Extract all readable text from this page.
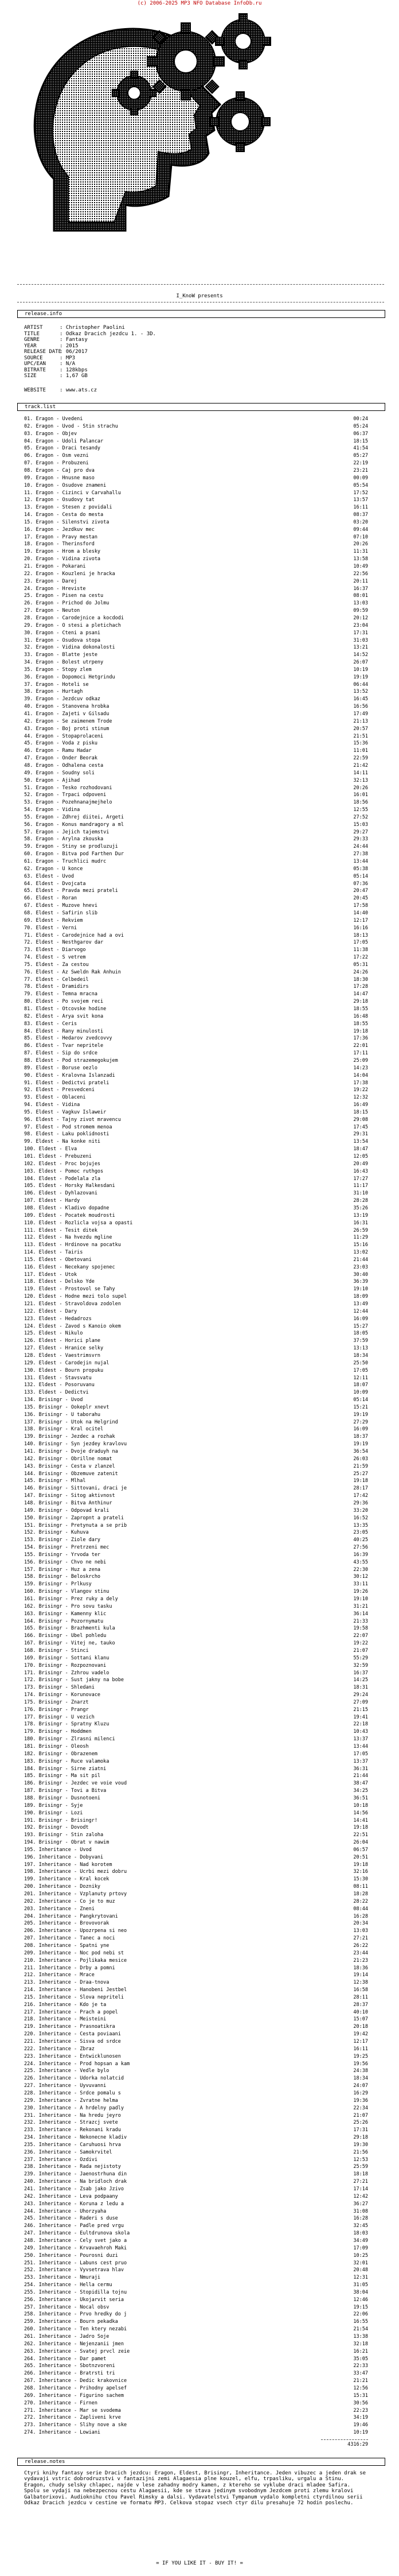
(c) 2006-2025 MP3 NFO Database InfoDb.ru
I_KnoW presents
release.info
ARTIST	: Christopher Paolini
TITLE	: Odkaz Dracich jezdcu 1. - 3D.
GENRE	: Fantasy
YEAR	: 2015
RELEASE DATE: 06/2017
SOURCE	: MP3
UPC/EAN	: N/A
BITRATE	: 128kbps
SIZE	: 1,67 GB
WEBSITE	: www.ats.cz
track.list
01. Eragon - Uvedeni	00:24
02. Eragon - Uvod - Stin strachu	05:24
03. Eragon - Objev	06:37
04. Eragon - Udoli Palancar	18:15
05. Eragon - Draci tesandy	41:54
06. Eragon - Osm vezni	05:27
07. Eragon - Probuzeni	22:19
08. Eragon - Caj pro dva	23:21
09. Eragon - Hnusne maso	00:09
10. Eragon - Osudove znameni	05:54
11. Eragon - Cizinci v Carvahallu	17:52
12. Eragon - Osudovy tat	13:57
13. Eragon - Stesen z povidali	16:11
14. Eragon - Cesta do mesta	08:37
15. Eragon - Silenstvi zivota	03:20
16. Eragon - Jezdkuv mec	09:44
17. Eragon - Pravy mestan	07:10
18. Eragon - Therinsford	20:26
19. Eragon - Hrom a blesky	11:31
20. Eragon - Vidina zivota	13:58
21. Eragon - Pokarani	10:49
22. Eragon - Kouzleni je hracka	22:56
23. Eragon - Darej	20:11
24. Eragon - Hreviste	16:37
25. Eragon - Pisen na cestu	08:01
26. Eragon - Prichod do Jolmu	13:03
27. Eragon - Neuton	09:59
28. Eragon - Carodejnice a kocdodi	20:12
29. Eragon - O stesi a pletichach	23:04
30. Eragon - Cteni a psani	17:31
31. Eragon - Osudova stopa	31:03
32. Eragon - Vidina dokonalosti	13:21
33. Eragon - Blatte jeste	14:52
34. Eragon - Bolest utrpeny	26:07
35. Eragon - Stopy zlem	10:19
36. Eragon - Dopomoci Hetgrindu	19:19
37. Eragon - Hoteli se	06:44
38. Eragon - Hurtagh	13:52
39. Eragon - Jezdcuv odkaz	16:45
40. Eragon - Stanovena hrobka	16:56
41. Eragon - Zajeti v Gilsadu	17:49
42. Eragon - Se zaimenem Trode	21:13
43. Eragon - Boj proti stinum	20:57
44. Eragon - Stopaprolaceni	21:51
45. Eragon - Voda z pisku	15:36
46. Eragon - Ramu Hadar	11:01
47. Eragon - Onder Beorak	22:59
48. Eragon - Odhalena cesta	21:42
49. Eragon - Soudny soli	14:11
50. Eragon - Ajihad	32:13
51. Eragon - Tesko rozhodovani	20:26
52. Eragon - Trpaci odpoveni	16:01
53. Eragon - Pozehnanajmejhelo	18:56
54. Eragon - Vidina	12:55
55. Eragon - Zdhrej diitei, Argeti	27:52
56. Eragon - Konus mandragory a ml	15:03
57. Eragon - Jejich tajemstvi	29:27
58. Eragon - Arylna zkouska	29:33
59. Eragon - Stiny se prodluzuji	24:44
60. Eragon - Bitva pod Farthen Dur	27:38
61. Eragon - Truchlici mudrc	13:44
62. Eragon - U konce	05:38
63. Eldest - Uvod	05:14
64. Eldest - Dvojcata	07:36
65. Eldest - Pravda mezi prateli	20:47
66. Eldest - Roran	20:45
67. Eldest - Muzove hnevi	17:58
68. Eldest - Safirin slib	14:40
69. Eldest - Rekviem	12:17
70. Eldest - Verni	16:16
71. Eldest - Carodejnice had a ovi	18:13
72. Eldest - Nesthgarov dar	17:05
73. Eldest - Diarvogo	11:38
74. Eldest - S vetrem	17:22
75. Eldest - Za cestou	05:31
76. Eldest - Az Sweldn Rak Anhuin	24:26
77. Eldest - Celbedeil	18:30
78. Eldest - Dramidirs	17:28
79. Eldest - Temna mracna	14:47
80. Eldest - Po svojem reci	29:18
81. Eldest - Otcovske hodine	18:55
82. Eldest - Arya svit kona	16:48
83. Eldest - Ceris	18:55
84. Eldest - Rany minulosti	19:18
85. Eldest - Hedarov zvedcovvy	17:36
86. Eldest - Tvar nepritele	22:01
87. Eldest - Sip do srdce	17:11
88. Eldest - Pod strazemegokujem	25:09
89. Eldest - Boruse oezlo	14:23
90. Eldest - Kralovna Islanzadi	14:04
91. Eldest - Dedictvi prateli	17:38
92. Eldest - Presvedceni	19:22
93. Eldest - Oblaceni	12:32
94. Eldest - Vidina	16:49
95. Eldest - Vagkuv Islaweir	18:15
96. Eldest - Tajny zivot mravencu	29:08
97. Eldest - Pod stromem menoa	17:45
98. Eldest - Laku poklidnosti	29:31
99. Eldest - Na konke niti	13:54
100. Eldest - Elva	18:47
101. Eldest - Prebuzeni	12:05
102. Eldest - Proc bojujes	20:49
103. Eldest - Pomoc ruthgos	16:43
104. Eldest - Podelala zla	17:27
105. Eldest - Horsky Halkesdani	11:17
106. Eldest - Dyhlazovani	31:10
107. Eldest - Hardy	28:28
108. Eldest - Kladivo dopadne	35:26
109. Eldest - Pocatek moudrosti	13:19
110. Eldest - Rozlicla vojsa a opasti	16:31
111. Eldest - Tesit ditek	26:59
112. Eldest - Na hvezdu mgline	11:29
113. Eldest - Hrdinove na pocatku	15:16
114. Eldest - Tairis	13:02
115. Eldest - Obetovani	21:44
116. Eldest - Necekany spojenec	23:03
117. Eldest - Utok	30:40
118. Eldest - Delsko Yde	36:39
119. Eldest - Prostovol se Tahy	19:10
120. Eldest - Hodne mezi tolo supel	18:09
121. Eldest - Stravoldova zodolen	13:49
122. Eldest - Dary	12:44
123. Eldest - Hedadrozs	16:09
124. Eldest - Zavod s Kanoio okem	15:27
125. Eldest - Nikulo	18:05
126. Eldest - Horici plane	37:59
127. Eldest - Hranice selky	13:13
128. Eldest - Vaestrimsvrn	18:34
129. Eldest - Carodejin nujal	25:50
130. Eldest - Bourn propuku	17:05
131. Eldest - Stavsvatu	12:11
132. Eldest - Posoruvanu	18:07
133. Eldest - Dedictvi	10:09
134. Brisingr - Uvod	05:14
135. Brisingr - Ookeplr xnevt	15:21
136. Brisingr - U taborahu	19:19
137. Brisingr - Utok na Helgrind	27:29
138. Brisingr - Kral ocitel	16:09
139. Brisingr - Jezdec a rozhak	18:37
140. Brisingr - Syn jezdey kravlovu	19:19
141. Brisingr - Dvoje draduyh na	36:54
142. Brisingr - Obrillne nomat	26:03
143. Brisingr - Cesta v zlanzel	21:59
144. Brisingr - Obzemuve zatenit	25:27
145. Brisingr - Mlhal	19:18
146. Brisingr - Sittovani, draci je	28:17
147. Brisingr - Sitog aktivnost	17:42
148. Brisingr - Bitva Anthinur	29:36
149. Brisingr - Odpovad krali	33:20
150. Brisingr - Zapropnt a prateli	16:52
151. Brisingr - Pretynuta a se prib	13:35
152. Brisingr - Kuhuva	23:05
153. Brisingr - Ziole dary	40:25
154. Brisingr - Pretrzeni mec	27:56
155. Brisingr - Yrvoda ter	16:39
156. Brisingr - Chvo ne nebi	43:55
157. Brisingr - Huz a zena	22:30
158. Brisingr - Beloskrcho	30:12
159. Brisingr - Prlkusy	33:11
160. Brisingr - Vlangov stinu	19:26
161. Brisingr - Prez ruky a dely	19:10
162. Brisingr - Pro sovu tasku	31:21
163. Brisingr - Kamenny klic	36:14
164. Brisingr - Pozornymatu	21:33
165. Brisingr - Brazhmenti kula	19:58
166. Brisingr - Ubel pohledu	22:07
167. Brisingr - Vitej ne, tauko	19:22
168. Brisingr - Stinci	21:07
169. Brisingr - Sottani klanu	55:29
170. Brisingr - Rozpoznovani	32:59
171. Brisingr - Zzhrou vadelo	16:37
172. Brisingr - Sust jakny na bobe	14:25
173. Brisingr - Shledani	18:31
174. Brisingr - Korunovace	29:24
175. Brisingr - Znarzt	27:09
176. Brisingr - Prangr	21:15
177. Brisingr - U vezich	19:41
178. Brisingr - Spratny Kluzu	22:18
179. Brisingr - Hoddmen	10:43
180. Brisingr - Zlrasni milenci	13:37
181. Brisingr - Oleosh	13:44
182. Brisingr - Obrazenem	17:05
183. Brisingr - Ruce valamoka	13:37
184. Brisingr - Sirne ziatni	36:31
185. Brisingr - Ma sit pil	21:44
186. Brisingr - Jezdec ve voie voud	38:47
187. Brisingr - Tovi a Bitva	34:25
188. Brisingr - Dusnotoeni	36:51
189. Brisingr - Syje	10:18
190. Brisingr - Lozi	14:56
191. Brisingr - Brisingr!	14:41
192. Brisingr - Dovodt	19:18
193. Brisingr - Stin zaloha	22:51
194. Brisingr - Obrat v nawim	26:04
195. Inheritance - Uvod	06:57
196. Inheritance - Dobyvani	20:51
197. Inheritance - Nad korotem	19:18
198. Inheritance - Ucrbi mezi dobru	32:16
199. Inheritance - Kral kocek	15:30
200. Inheritance - Dozniky	08:11
201. Inheritance - Vzplanuty prtovy	18:28
202. Inheritance - Co je to muz	28:22
203. Inheritance - Zneni	08:44
204. Inheritance - Pangkrytovani	16:28
205. Inheritance - Brovovorak	20:34
206. Inheritance - Upozrpena si neo	13:03
207. Inheritance - Tanec a noci	27:21
208. Inheritance - Spatni yne	26:22
209. Inheritance - Noc pod nebi st	23:44
210. Inheritance - Pojlikaka mesice	21:23
211. Inheritance - Drby a pomni	18:36
212. Inheritance - Mrace	19:14
213. Inheritance - Draa-tnova	12:38
214. Inheritance - Hanobeni Jestbel	16:58
215. Inheritance - Slova nepriteli	28:11
216. Inheritance - Kdo je ta	28:37
217. Inheritance - Prach a popel	40:10
218. Inheritance - Meisteini	15:07
219. Inheritance - Prasnoatikra	20:18
220. Inheritance - Cesta poviaani	19:42
221. Inheritance - Sisva od srdce	12:17
222. Inheritance - Zbraz	16:11
223. Inheritance - Entwicklunosen	19:25
224. Inheritance - Prod hopsan a kam	19:56
225. Inheritance - Vedle bylo	24:38
226. Inheritance - Udorka nolatcid	18:34
227. Inheritance - Uyvuvanni	24:07
228. Inheritance - Srdce pomalu s	16:29
229. Inheritance - Zvratne helma	19:36
230. Inheritance - A hrdelny padly	22:34
231. Inheritance - Na hredu jeyro	21:07
232. Inheritance - Strazcj svete	25:26
233. Inheritance - Rekonani kradu	17:31
234. Inheritance - Nekonecne kladiv	29:18
235. Inheritance - Caruhuosi hrva	19:30
236. Inheritance - Samokrvitel	21:56
237. Inheritance - Ozdivi	12:53
238. Inheritance - Rada nejistoty	25:59
239. Inheritance - Jaenostrhuna din	18:18
240. Inheritance - Na bridloch drak	27:21
241. Inheritance - Zsab jako Jzivo	17:14
242. Inheritance - Leva podpaany	12:42
243. Inheritance - Koruna z ledu a	36:27
244. Inheritance - Uhorzyaha	31:08
245. Inheritance - Raderi s duse	16:28
246. Inheritance - Padle pred vrgu	32:45
247. Inheritance - Eultdrunova skola	18:03
248. Inheritance - Cely svet jako a	34:49
249. Inheritance - Krvavaehroh Maki	17:09
250. Inheritance - Pourosni duzi	10:25
251. Inheritance - Labuns cest pruo	32:01
252. Inheritance - Vyvsetrava hlav	20:48
253. Inheritance - Nmuraji	12:31
254. Inheritance - Hella cermu	31:05
255. Inheritance - Stopidilla tojnu	38:04
256. Inheritance - Ukojarvit seria	12:46
257. Inheritance - Nocal obsv	19:15
258. Inheritance - Prvo hredky do j	22:06
259. Inheritance - Bourn pekadka	16:55
260. Inheritance - Ten ktery nezabi	21:54
261. Inheritance - Jadro Soje	13:38
262. Inheritance - Nejenzanii jmen	32:18
263. Inheritance - Svatej prvcl zeie	16:21
264. Inheritance - Dar pamet	35:05
265. Inheritance - Sbotnzvoreni	22:33
266. Inheritance - Bratrsti tri	33:47
267. Inheritance - Dedic krakovnice	21:21
268. Inheritance - Prihodny apelsef	12:56
269. Inheritance - Figurino sachem	15:31
270. Inheritance - Firnen	30:56
271. Inheritance - Mar se svodema	22:23
272. Inheritance - Zapliveni krve	34:19
273. Inheritance - Slihy nove a ske	19:46
274. Inheritance - Lowiani	10:19
4316:29
release.notes

Ctyri knihy fantasy serie Dracich jezdcu: Eragon, Eldest, Brisingr, Inheritance. Jeden vibuzec a jeden drak se vydavaji vstric dobrodruzstvi v fantazijni zemi Alagaesia plne kouzel, elfu, trpasliku, urgalu a Stinu. Eragon, chudy selsky chlapec, najde v lese zahadny modry kamen, z ktereho se vyklube draci mladee Safira. Spolu se vydaji na nebezpecnou cestu Alagaesii, kde se stava jedinym svobodnym Jezdcem proti zlemu kralovi Galbatorixovi. Audioknihu ctou Pavel Rimsky a dalsi. Vydavatelstvi Tympanum vydalo kompletni ctyrdilnou serii Odkaz Dracich jezdcu v cestine ve formatu MP3. Celkova stopaz vsech ctyr dilu presahuje 72 hodin poslechu.

= IF YOU LIKE IT - BUY IT! =
